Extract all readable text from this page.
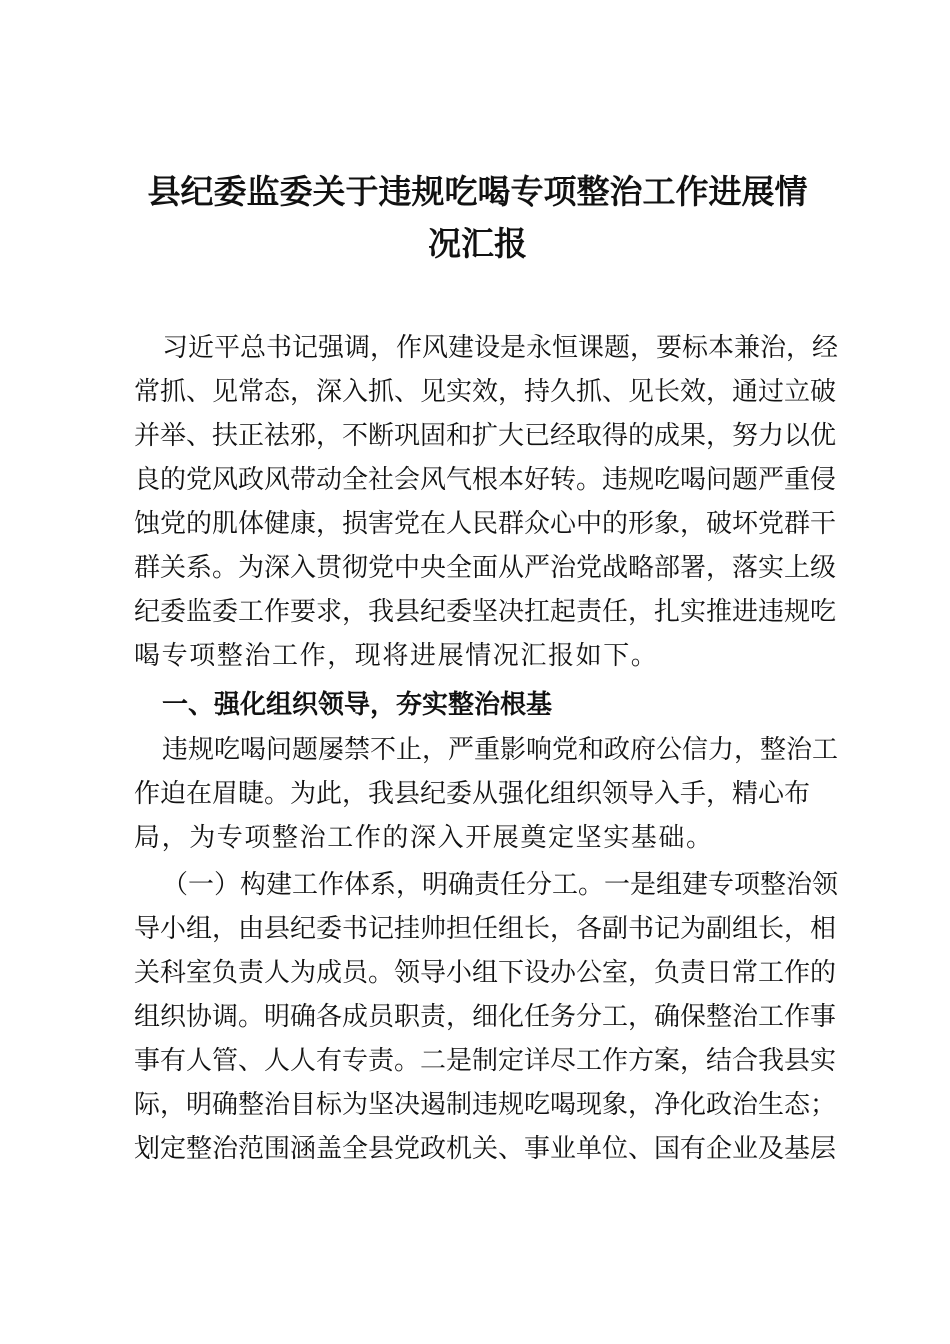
县纪委监委关于违规吃喝专项整治工作进展情
况汇报
习近平总书记强调，作风建设是永恒课题，要标本兼治，经
常抓、见常态，深入抓、见实效，持久抓、见长效，通过立破
并举、扶正祛邪，不断巩固和扩大已经取得的成果，努力以优
良的党风政风带动全社会风气根本好转。违规吃喝问题严重侵
蚀党的肌体健康，损害党在人民群众心中的形象，破坏党群干
群关系。为深入贯彻党中央全面从严治党战略部署，落实上级
纪委监委工作要求，我县纪委坚决扛起责任，扎实推进违规吃
喝专项整治工作，现将进展情况汇报如下。
一、强化组织领导，夯实整治根基
违规吃喝问题屡禁不止，严重影响党和政府公信力，整治工
作迫在眉睫。为此，我县纪委从强化组织领导入手，精心布
局，为专项整治工作的深入开展奠定坚实基础。
（一）构建工作体系，明确责任分工。一是组建专项整治领
导小组，由县纪委书记挂帅担任组长，各副书记为副组长，相
关科室负责人为成员。领导小组下设办公室，负责日常工作的
组织协调。明确各成员职责，细化任务分工，确保整治工作事
事有人管、人人有专责。二是制定详尽工作方案，结合我县实
际，明确整治目标为坚决遏制违规吃喝现象，净化政治生态；
划定整治范围涵盖全县党政机关、事业单位、国有企业及基层
